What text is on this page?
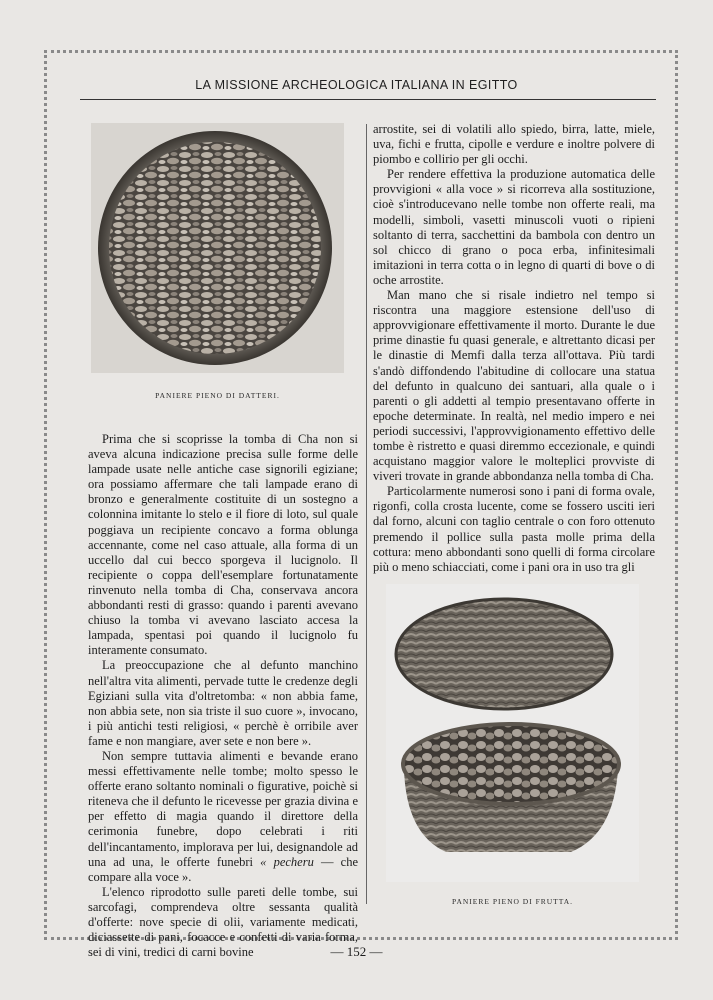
LA MISSIONE ARCHEOLOGICA ITALIANA IN EGITTO
PANIERE PIENO DI DATTERI.

Prima che si scoprisse la tomba di Cha non si aveva alcuna indicazione precisa sulle forme delle lampade usate nelle antiche case signorili egiziane; ora possiamo affermare che tali lampade erano di bronzo e generalmente costituite di un sostegno a colonnina imitante lo stelo e il fiore di loto, sul quale poggiava un recipiente concavo a forma oblunga accennante, come nel caso attuale, alla forma di un uccello dal cui becco sporgeva il lucignolo. Il recipiente o coppa dell'esemplare fortunatamente rinvenuto nella tomba di Cha, conservava ancora abbondanti resti di grasso: quando i parenti avevano chiuso la tomba vi avevano lasciato accesa la lampada, spentasi poi quando il lucignolo fu interamente consumato.

La preoccupazione che al defunto manchino nell'altra vita alimenti, pervade tutte le credenze degli Egiziani sulla vita d'oltretomba: « non abbia fame, non abbia sete, non sia triste il suo cuore », invocano, i più antichi testi religiosi, « perchè è orribile aver fame e non mangiare, aver sete e non bere ».

Non sempre tuttavia alimenti e bevande erano messi effettivamente nelle tombe; molto spesso le offerte erano soltanto nominali o figurative, poichè si riteneva che il defunto le ricevesse per grazia divina e per effetto di magia quando il direttore della cerimonia funebre, dopo celebrati i riti dell'incantamento, implorava per lui, designandole ad una ad una, le offerte funebri « pecheru — che compare alla voce ».

L'elenco riprodotto sulle pareti delle tombe, sui sarcofagi, comprendeva oltre sessanta qualità d'offerte: nove specie di olii, variamente medicati, diciassette di pani, focacce e confetti di varia forma, sei di vini, tredici di carni bovine

arrostite, sei di volatili allo spiedo, birra, latte, miele, uva, fichi e frutta, cipolle e verdure e inoltre polvere di piombo e collirio per gli occhi.

Per rendere effettiva la produzione automatica delle provvigioni « alla voce » si ricorreva alla sostituzione, cioè s'introducevano nelle tombe non offerte reali, ma modelli, simboli, vasetti minuscoli vuoti o ripieni soltanto di terra, sacchettini da bambola con dentro un sol chicco di grano o poca erba, infinitesimali imitazioni in terra cotta o in legno di quarti di bove o di oche arrostite.

Man mano che si risale indietro nel tempo si riscontra una maggiore estensione dell'uso di approvvigionare effettivamente il morto. Durante le due prime dinastie fu quasi generale, e altrettanto dicasi per le dinastie di Memfi dalla terza all'ottava. Più tardi s'andò diffondendo l'abitudine di collocare una statua del defunto in qualcuno dei santuari, alla quale o i parenti o gli addetti al tempio presentavano offerte in epoche determinate. In realtà, nel medio impero e nei periodi successivi, l'approvvigionamento effettivo delle tombe è ristretto e quasi diremmo eccezionale, e quindi acquistano maggior valore le molteplici provviste di viveri trovate in grande abbondanza nella tomba di Cha.

Particolarmente numerosi sono i pani di forma ovale, rigonfi, colla crosta lucente, come se fossero usciti ieri dal forno, alcuni con taglio centrale o con foro ottenuto premendo il pollice sulla pasta molle prima della cottura: meno abbondanti sono quelli di forma circolare più o meno schiacciati, come i pani ora in uso tra gli

PANIERE PIENO DI FRUTTA.
— 152 —
